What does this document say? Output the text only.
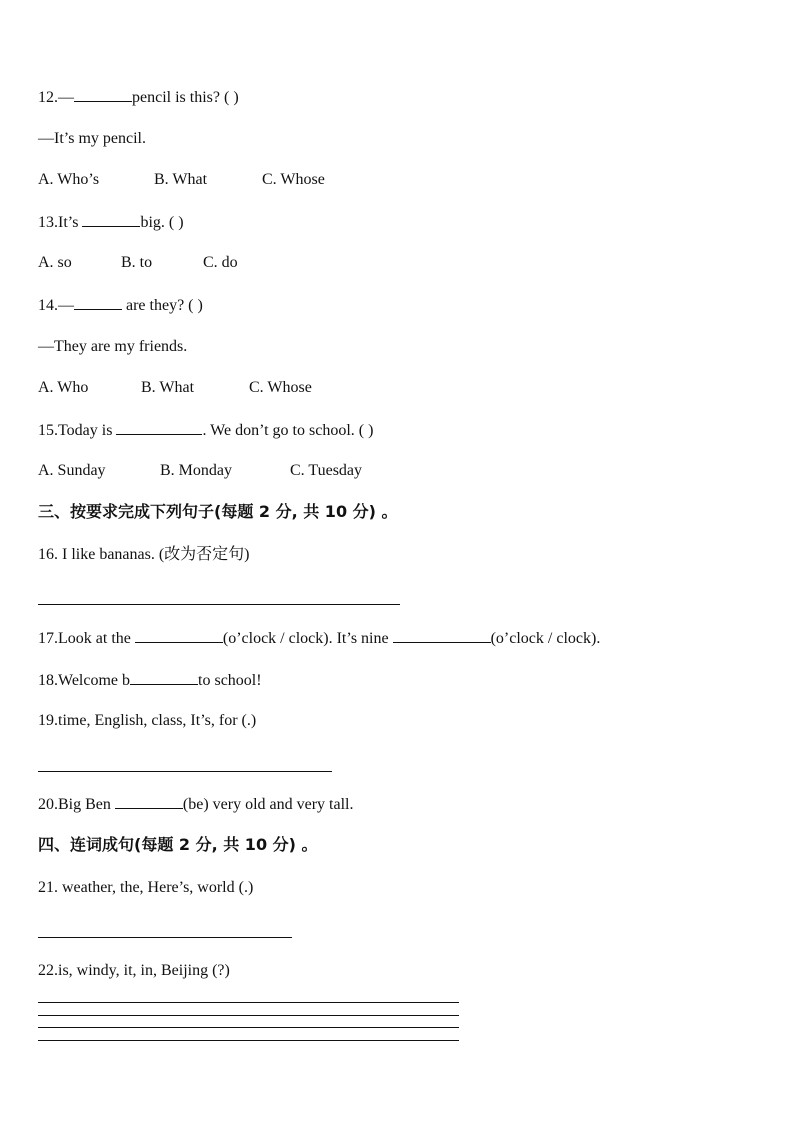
12.—	pencil is this? ( )
—It’s my pencil.
A. Who’s	B. What	C. Whose
13.It’s	big. ( )
A. so	B. to	C. do
14.—	are they? ( )
—They are my friends.
A. Who	B. What	C. Whose
15.Today is	. We don’t go to school. ( )
A. Sunday	B. Monday	C. Tuesday
三、按要求完成下列句子(每题 2 分, 共 10 分) 。
16. I like bananas. (改为否定句)
17.Look at the	(o’clock / clock). It’s nine	(o’clock / clock).
18.Welcome b	to school!
19.time, English, class, It’s, for (.)
20.Big Ben	(be) very old and very tall.
四、连词成句(每题 2 分, 共 10 分) 。
21. weather, the, Here’s, world (.)
22.is, windy, it, in, Beijing (?)
